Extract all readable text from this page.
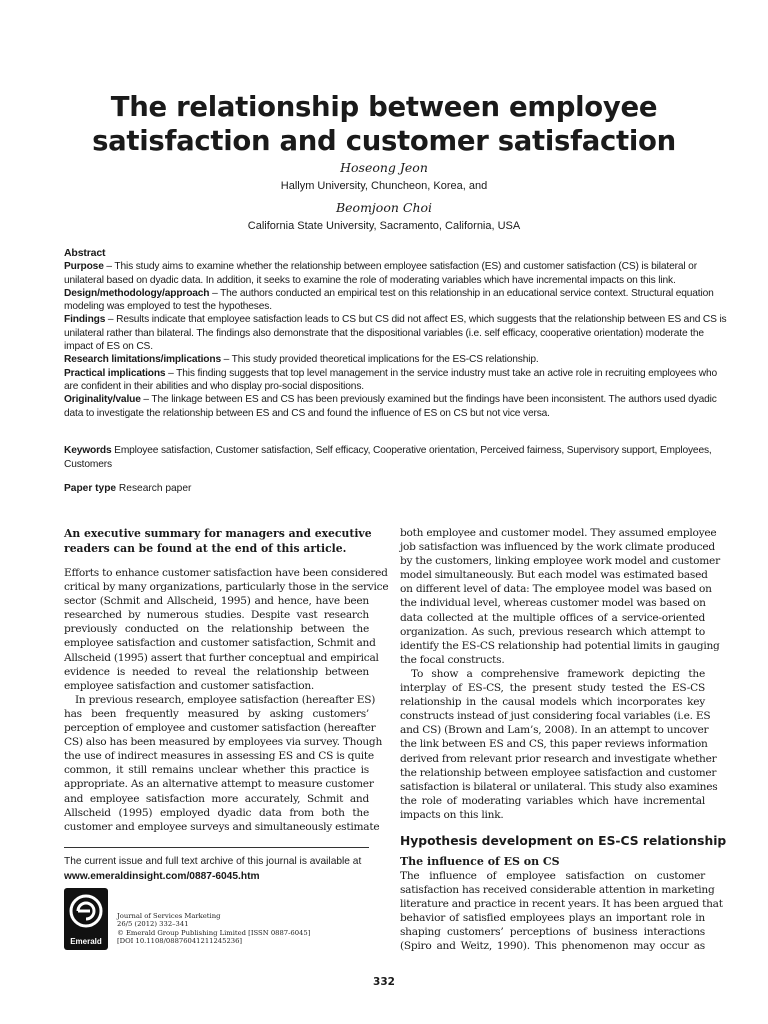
The relationship between employee
satisfaction and customer satisfaction
Hoseong Jeon
Hallym University, Chuncheon, Korea, and
Beomjoon Choi
California State University, Sacramento, California, USA
Abstract
Purpose – This study aims to examine whether the relationship between employee satisfaction (ES) and customer satisfaction (CS) is bilateral or
unilateral based on dyadic data. In addition, it seeks to examine the role of moderating variables which have incremental impacts on this link.
Design/methodology/approach – The authors conducted an empirical test on this relationship in an educational service context. Structural equation
modeling was employed to test the hypotheses.
Findings – Results indicate that employee satisfaction leads to CS but CS did not affect ES, which suggests that the relationship between ES and CS is
unilateral rather than bilateral. The findings also demonstrate that the dispositional variables (i.e. self efficacy, cooperative orientation) moderate the
impact of ES on CS.
Research limitations/implications – This study provided theoretical implications for the ES-CS relationship.
Practical implications – This finding suggests that top level management in the service industry must take an active role in recruiting employees who
are confident in their abilities and who display pro-social dispositions.
Originality/value – The linkage between ES and CS has been previously examined but the findings have been inconsistent. The authors used dyadic
data to investigate the relationship between ES and CS and found the influence of ES on CS but not vice versa.
Keywords Employee satisfaction, Customer satisfaction, Self efficacy, Cooperative orientation, Perceived fairness, Supervisory support, Employees,
Customers
Paper type Research paper
An executive summary for managers and executive
readers can be found at the end of this article.
Efforts to enhance customer satisfaction have been considered
critical by many organizations, particularly those in the service
sector (Schmit and Allscheid, 1995) and hence, have been
researched by numerous studies. Despite vast research
previously conducted on the relationship between the
employee satisfaction and customer satisfaction, Schmit and
Allscheid (1995) assert that further conceptual and empirical
evidence is needed to reveal the relationship between
employee satisfaction and customer satisfaction.
In previous research, employee satisfaction (hereafter ES)
has been frequently measured by asking customers’
perception of employee and customer satisfaction (hereafter
CS) also has been measured by employees via survey. Though
the use of indirect measures in assessing ES and CS is quite
common, it still remains unclear whether this practice is
appropriate. As an alternative attempt to measure customer
and employee satisfaction more accurately, Schmit and
Allscheid (1995) employed dyadic data from both the
customer and employee surveys and simultaneously estimate
both employee and customer model. They assumed employee
job satisfaction was influenced by the work climate produced
by the customers, linking employee work model and customer
model simultaneously. But each model was estimated based
on different level of data: The employee model was based on
the individual level, whereas customer model was based on
data collected at the multiple offices of a service-oriented
organization. As such, previous research which attempt to
identify the ES-CS relationship had potential limits in gauging
the focal constructs.
To show a comprehensive framework depicting the
interplay of ES-CS, the present study tested the ES-CS
relationship in the causal models which incorporates key
constructs instead of just considering focal variables (i.e. ES
and CS) (Brown and Lam’s, 2008). In an attempt to uncover
the link between ES and CS, this paper reviews information
derived from relevant prior research and investigate whether
the relationship between employee satisfaction and customer
satisfaction is bilateral or unilateral. This study also examines
the role of moderating variables which have incremental
impacts on this link.
Hypothesis development on ES-CS relationship
The influence of ES on CS
The influence of employee satisfaction on customer
satisfaction has received considerable attention in marketing
literature and practice in recent years. It has been argued that
behavior of satisfied employees plays an important role in
shaping customers’ perceptions of business interactions
(Spiro and Weitz, 1990). This phenomenon may occur as
The current issue and full text archive of this journal is available at
www.emeraldinsight.com/0887-6045.htm
Emerald
Journal of Services Marketing
26/5 (2012) 332–341
© Emerald Group Publishing Limited [ISSN 0887-6045]
[DOI 10.1108/08876041211245236]
332
